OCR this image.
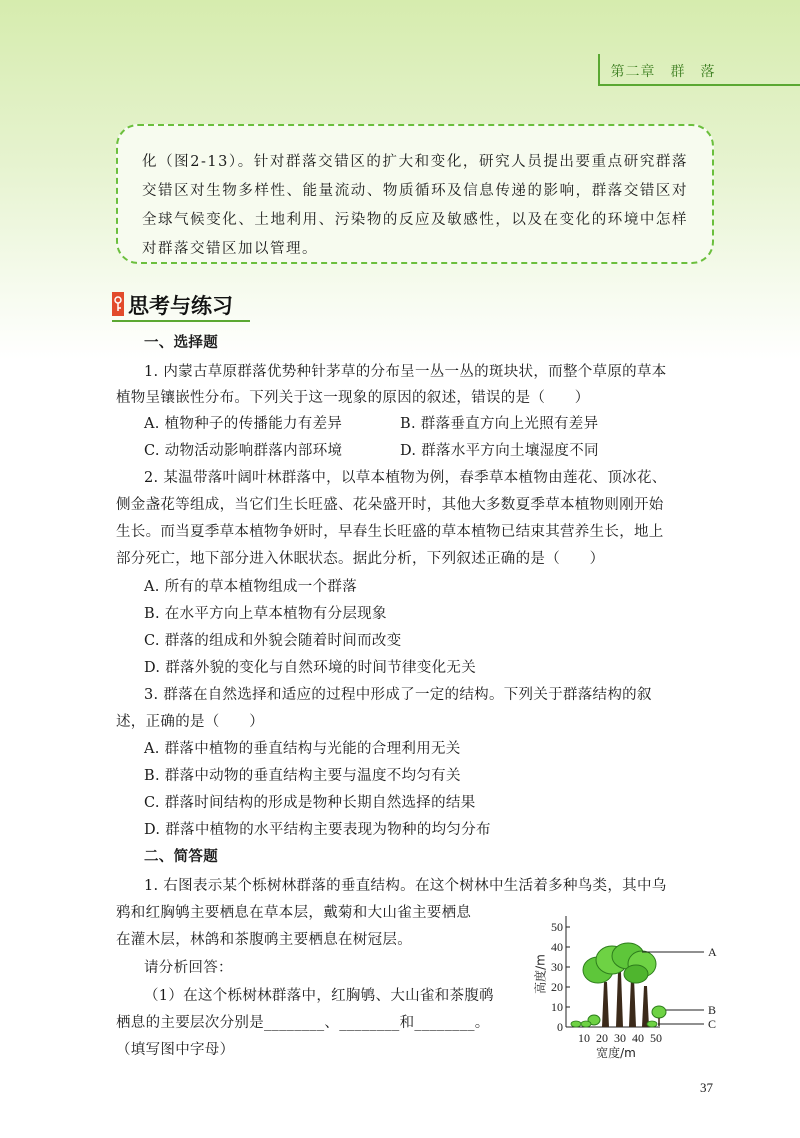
第二章　群　落

化（图2-13）。针对群落交错区的扩大和变化，研究人员提出要重点研究群落交错区对生物多样性、能量流动、物质循环及信息传递的影响，群落交错区对全球气候变化、土地利用、污染物的反应及敏感性，以及在变化的环境中怎样对群落交错区加以管理。

思考与练习
一、选择题
1. 内蒙古草原群落优势种针茅草的分布呈一丛一丛的斑块状，而整个草原的草本
植物呈镶嵌性分布。下列关于这一现象的原因的叙述，错误的是（　　）
A. 植物种子的传播能力有差异	B. 群落垂直方向上光照有差异
C. 动物活动影响群落内部环境	D. 群落水平方向土壤湿度不同
2. 某温带落叶阔叶林群落中，以草本植物为例，春季草本植物由莲花、顶冰花、
侧金盏花等组成，当它们生长旺盛、花朵盛开时，其他大多数夏季草本植物则刚开始
生长。而当夏季草本植物争妍时，早春生长旺盛的草本植物已结束其营养生长，地上
部分死亡，地下部分进入休眠状态。据此分析，下列叙述正确的是（　　）
A. 所有的草本植物组成一个群落
B. 在水平方向上草本植物有分层现象
C. 群落的组成和外貌会随着时间而改变
D. 群落外貌的变化与自然环境的时间节律变化无关
3. 群落在自然选择和适应的过程中形成了一定的结构。下列关于群落结构的叙
述，正确的是（　　）
A. 群落中植物的垂直结构与光能的合理利用无关
B. 群落中动物的垂直结构主要与温度不均匀有关
C. 群落时间结构的形成是物种长期自然选择的结果
D. 群落中植物的水平结构主要表现为物种的均匀分布
二、简答题
1. 右图表示某个栎树林群落的垂直结构。在这个树林中生活着多种鸟类，其中乌
鸦和红胸鸲主要栖息在草本层，戴菊和大山雀主要栖息
在灌木层，林鸽和茶腹䴓主要栖息在树冠层。
请分析回答：
（1）在这个栎树林群落中，红胸鸲、大山雀和茶腹䴓
栖息的主要层次分别是________、________和________。
（填写图中字母）
50
40
30
20
10
0
高度/m
10 20 30 40 50
宽度/m
A
B
C
37
